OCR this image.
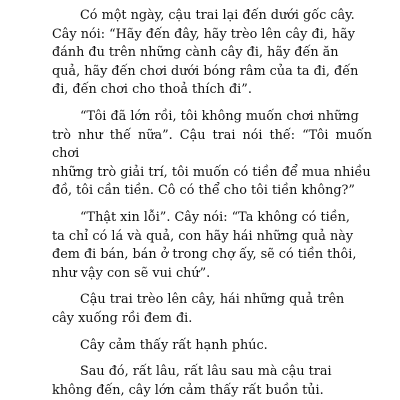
Có một ngày, cậu trai lại đến dưới gốc cây.
Cây nói: “Hãy đến đây, hãy trèo lên cây đi, hãy
đánh đu trên những cành cây đi, hãy đến ăn
quả, hãy đến chơi dưới bóng râm của ta đi, đến
đi, đến chơi cho thoả thích đi”.

“Tôi đã lớn rồi, tôi không muốn chơi những
trò như thế nữa”. Cậu trai nói thế: “Tôi muốn chơi
những trò giải trí, tôi muốn có tiền để mua nhiều
đồ, tôi cần tiền. Cô có thể cho tôi tiền không?”

“Thật xin lỗi”. Cây nói: “Ta không có tiền,
ta chỉ có lá và quả, con hãy hái những quả này
đem đi bán, bán ở trong chợ ấy, sẽ có tiền thôi,
như vậy con sẽ vui chứ”.

Cậu trai trèo lên cây, hái những quả trên
cây xuống rồi đem đi.

Cây cảm thấy rất hạnh phúc.

Sau đó, rất lâu, rất lâu sau mà cậu trai
không đến, cây lớn cảm thấy rất buồn tủi.
